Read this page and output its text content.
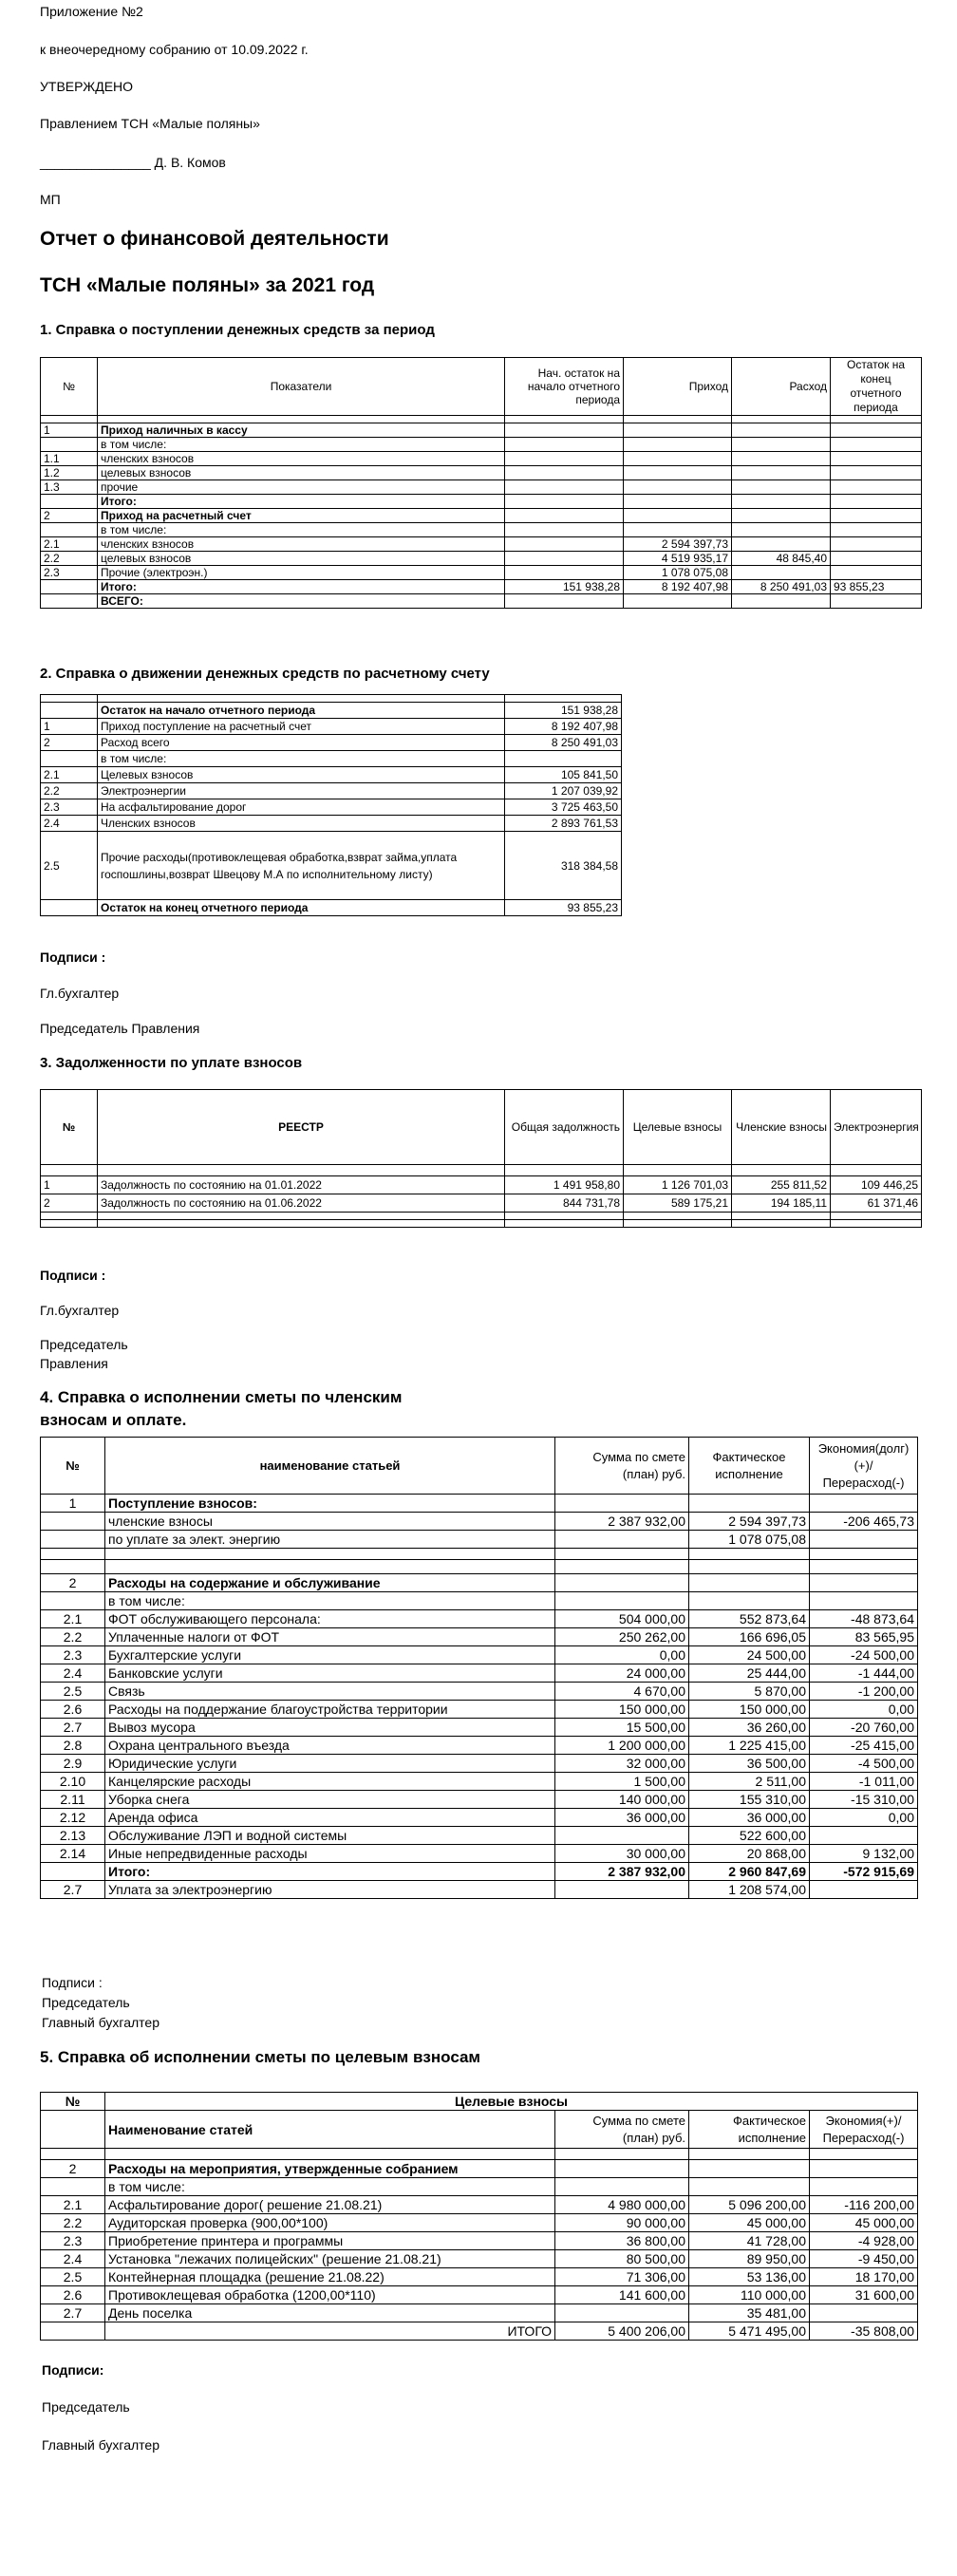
Приложение №2
к внеочередному собранию от 10.09.2022 г.
УТВЕРЖДЕНО
Правлением ТСН «Малые поляны»
_______________ Д. В. Комов
МП
Отчет о финансовой деятельности
ТСН «Малые поляны» за 2021 год
1. Справка о поступлении денежных средств за период
№	Показатели	Нач. остаток на начало отчетного периода	Приход	Расход	Остаток на конец отчетного периода

1	Приход наличных в кассу				
	в том числе:				
1.1	членских взносов				
1.2	целевых взносов				
1.3	прочие				
	Итого:				
2	Приход на расчетный счет				
	в том числе:				
2.1	членских взносов		2 594 397,73		
2.2	целевых взносов		4 519 935,17	48 845,40	
2.3	Прочие (электроэн.)		1 078 075,08		
	Итого:	151 938,28	8 192 407,98	8 250 491,03	93 855,23
	ВСЕГО:				
2. Справка о движении денежных средств по расчетному счету

	Остаток на начало отчетного периода	151 938,28
1	Приход поступление на расчетный счет	8 192 407,98
2	Расход всего	8 250 491,03
	в том числе:	
2.1	Целевых взносов	105 841,50
2.2	Электроэнергии	1 207 039,92
2.3	На асфальтирование дорог	3 725 463,50
2.4	Членских взносов	2 893 761,53
2.5	Прочие расходы(противоклещевая обработка,взврат займа,уплата госпошлины,возврат Швецову М.А по исполнительному листу)	318 384,58
	Остаток на конец отчетного периода	93 855,23
Подписи :
Гл.бухгалтер
Председатель Правления
3. Задолженности по уплате взносов
№	РЕЕСТР	Общая задолжность	Целевые взносы	Членские взносы	Электроэнергия

1	Задолжность по состоянию на 01.01.2022	1 491 958,80	1 126 701,03	255 811,52	109 446,25
2	Задолжность по состоянию на 01.06.2022	844 731,78	589 175,21	194 185,11	61 371,46

Подписи :
Гл.бухгалтер
Председатель
Правления
4. Справка о исполнении сметы по членским взносам и оплате.
№	наименование статьей	Сумма по смете (план) руб.	Фактическое исполнение	Экономия(долг)(+)/ Перерасход(-)
1	Поступление взносов:			
	членские взносы	2 387 932,00	2 594 397,73	-206 465,73
	по уплате за элект. энергию		1 078 075,08	

2	Расходы на содержание и обслуживание			
	в том числе:			
2.1	ФОТ обслуживающего персонала:	504 000,00	552 873,64	-48 873,64
2.2	Уплаченные налоги от ФОТ	250 262,00	166 696,05	83 565,95
2.3	Бухгалтерские услуги	0,00	24 500,00	-24 500,00
2.4	Банковские услуги	24 000,00	25 444,00	-1 444,00
2.5	Связь	4 670,00	5 870,00	-1 200,00
2.6	Расходы на поддержание благоустройства территории	150 000,00	150 000,00	0,00
2.7	Вывоз мусора	15 500,00	36 260,00	-20 760,00
2.8	Охрана центрального въезда	1 200 000,00	1 225 415,00	-25 415,00
2.9	Юридические услуги	32 000,00	36 500,00	-4 500,00
2.10	Канцелярские расходы	1 500,00	2 511,00	-1 011,00
2.11	Уборка снега	140 000,00	155 310,00	-15 310,00
2.12	Аренда офиса	36 000,00	36 000,00	0,00
2.13	Обслуживание ЛЭП и водной системы		522 600,00	
2.14	Иные непредвиденные расходы	30 000,00	20 868,00	9 132,00
	Итого:	2 387 932,00	2 960 847,69	-572 915,69
2.7	Уплата за электроэнергию		1 208 574,00	
Подписи :
Председатель
Главный бухгалтер
5. Справка об исполнении сметы по целевым взносам
№	Целевые взносы			
	Наименование статей	Сумма по смете (план) руб.	Фактическое исполнение	Экономия(+)/ Перерасход(-)

2	Расходы на мероприятия, утвержденные собранием			
	в том числе:			
2.1	Асфальтирование дорог( решение 21.08.21)	4 980 000,00	5 096 200,00	-116 200,00
2.2	Аудиторская проверка (900,00*100)	90 000,00	45 000,00	45 000,00
2.3	Приобретение принтера и программы	36 800,00	41 728,00	-4 928,00
2.4	Установка "лежачих полицейских" (решение 21.08.21)	80 500,00	89 950,00	-9 450,00
2.5	Контейнерная площадка (решение 21.08.22)	71 306,00	53 136,00	18 170,00
2.6	Противоклещевая обработка (1200,00*110)	141 600,00	110 000,00	31 600,00
2.7	День поселка		35 481,00	
	ИТОГО	5 400 206,00	5 471 495,00	-35 808,00
Подписи:
Председатель
Главный бухгалтер
